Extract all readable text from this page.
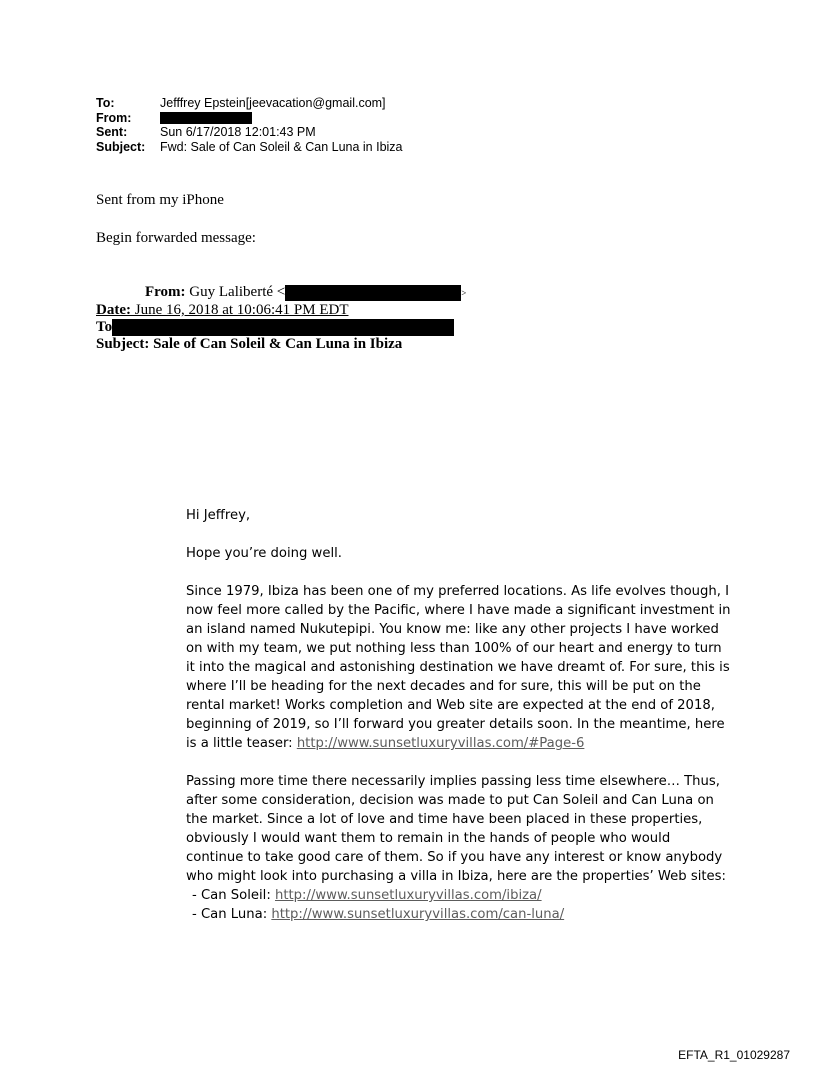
To:	Jefffrey Epstein[jeevacation@gmail.com]
From:
Sent:	Sun 6/17/2018 12:01:43 PM
Subject:	Fwd: Sale of Can Soleil & Can Luna in Ibiza
Sent from my iPhone
Begin forwarded message:
From: Guy Laliberté <	>
Date: June 16, 2018 at 10:06:41 PM EDT
To
Subject: Sale of Can Soleil & Can Luna in Ibiza

Hi Jeffrey,

Hope you’re doing well.

Since 1979, Ibiza has been one of my preferred locations. As life evolves though, I now feel more called by the Pacific, where I have made a significant investment in an island named Nukutepipi. You know me: like any other projects I have worked on with my team, we put nothing less than 100% of our heart and energy to turn it into the magical and astonishing destination we have dreamt of. For sure, this is where I’ll be heading for the next decades and for sure, this will be put on the rental market! Works completion and Web site are expected at the end of 2018, beginning of 2019, so I’ll forward you greater details soon. In the meantime, here is a little teaser: http://www.sunsetluxuryvillas.com/#Page-6

Passing more time there necessarily implies passing less time elsewhere… Thus, after some consideration, decision was made to put Can Soleil and Can Luna on the market. Since a lot of love and time have been placed in these properties, obviously I would want them to remain in the hands of people who would continue to take good care of them. So if you have any interest or know anybody who might look into purchasing a villa in Ibiza, here are the properties’ Web sites:

- Can Soleil: http://www.sunsetluxuryvillas.com/ibiza/

- Can Luna: http://www.sunsetluxuryvillas.com/can-luna/

EFTA_R1_01029287
